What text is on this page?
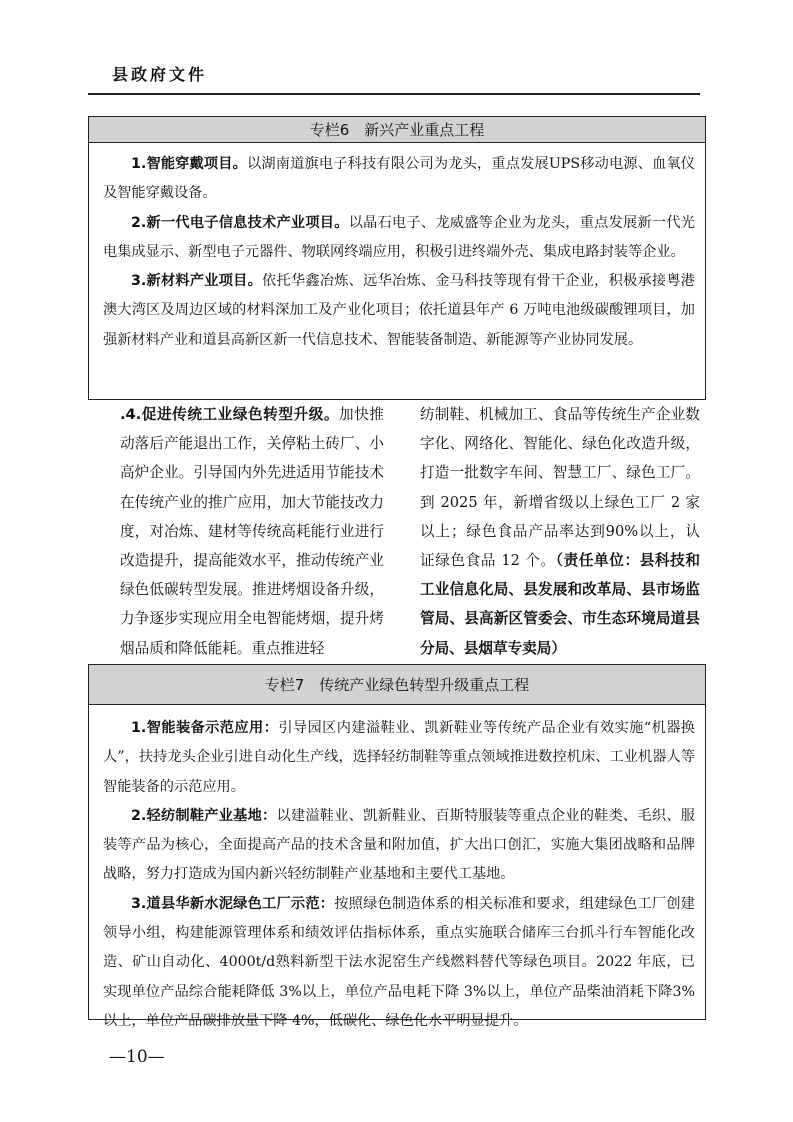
县政府文件
专栏6　新兴产业重点工程

1.智能穿戴项目。以湖南道旗电子科技有限公司为龙头，重点发展UPS移动电源、血氧仪及智能穿戴设备。

2.新一代电子信息技术产业项目。以晶石电子、龙威盛等企业为龙头，重点发展新一代光电集成显示、新型电子元器件、物联网终端应用，积极引进终端外壳、集成电路封装等企业。

3.新材料产业项目。依托华鑫冶炼、远华冶炼、金马科技等现有骨干企业，积极承接粤港澳大湾区及周边区域的材料深加工及产业化项目；依托道县年产 6 万吨电池级碳酸锂项目，加强新材料产业和道县高新区新一代信息技术、智能装备制造、新能源等产业协同发展。

.4.促进传统工业绿色转型升级。加快推动落后产能退出工作，关停粘土砖厂、小高炉企业。引导国内外先进适用节能技术在传统产业的推广应用，加大节能技改力度，对冶炼、建材等传统高耗能行业进行改造提升，提高能效水平，推动传统产业绿色低碳转型发展。推进烤烟设备升级，力争逐步实现应用全电智能烤烟，提升烤烟品质和降低能耗。重点推进轻

纺制鞋、机械加工、食品等传统生产企业数字化、网络化、智能化、绿色化改造升级，打造一批数字车间、智慧工厂、绿色工厂。到 2025 年，新增省级以上绿色工厂 2 家以上；绿色食品产品率达到90%以上，认证绿色食品 12 个。（责任单位：县科技和工业信息化局、县发展和改革局、县市场监管局、县高新区管委会、市生态环境局道县分局、县烟草专卖局）

专栏7　传统产业绿色转型升级重点工程

1.智能装备示范应用：引导园区内建溢鞋业、凯新鞋业等传统产品企业有效实施“机器换人”，扶持龙头企业引进自动化生产线，选择轻纺制鞋等重点领域推进数控机床、工业机器人等智能装备的示范应用。

2.轻纺制鞋产业基地：以建溢鞋业、凯新鞋业、百斯特服装等重点企业的鞋类、毛织、服装等产品为核心，全面提高产品的技术含量和附加值，扩大出口创汇，实施大集团战略和品牌战略，努力打造成为国内新兴轻纺制鞋产业基地和主要代工基地。

3.道县华新水泥绿色工厂示范：按照绿色制造体系的相关标准和要求，组建绿色工厂创建领导小组，构建能源管理体系和绩效评估指标体系，重点实施联合储库三台抓斗行车智能化改造、矿山自动化、4000t/d熟料新型干法水泥窑生产线燃料替代等绿色项目。2022 年底，已实现单位产品综合能耗降低 3%以上，单位产品电耗下降 3%以上，单位产品柴油消耗下降3%以上，单位产品碳排放量下降 4%，低碳化、绿色化水平明显提升。

—10—
